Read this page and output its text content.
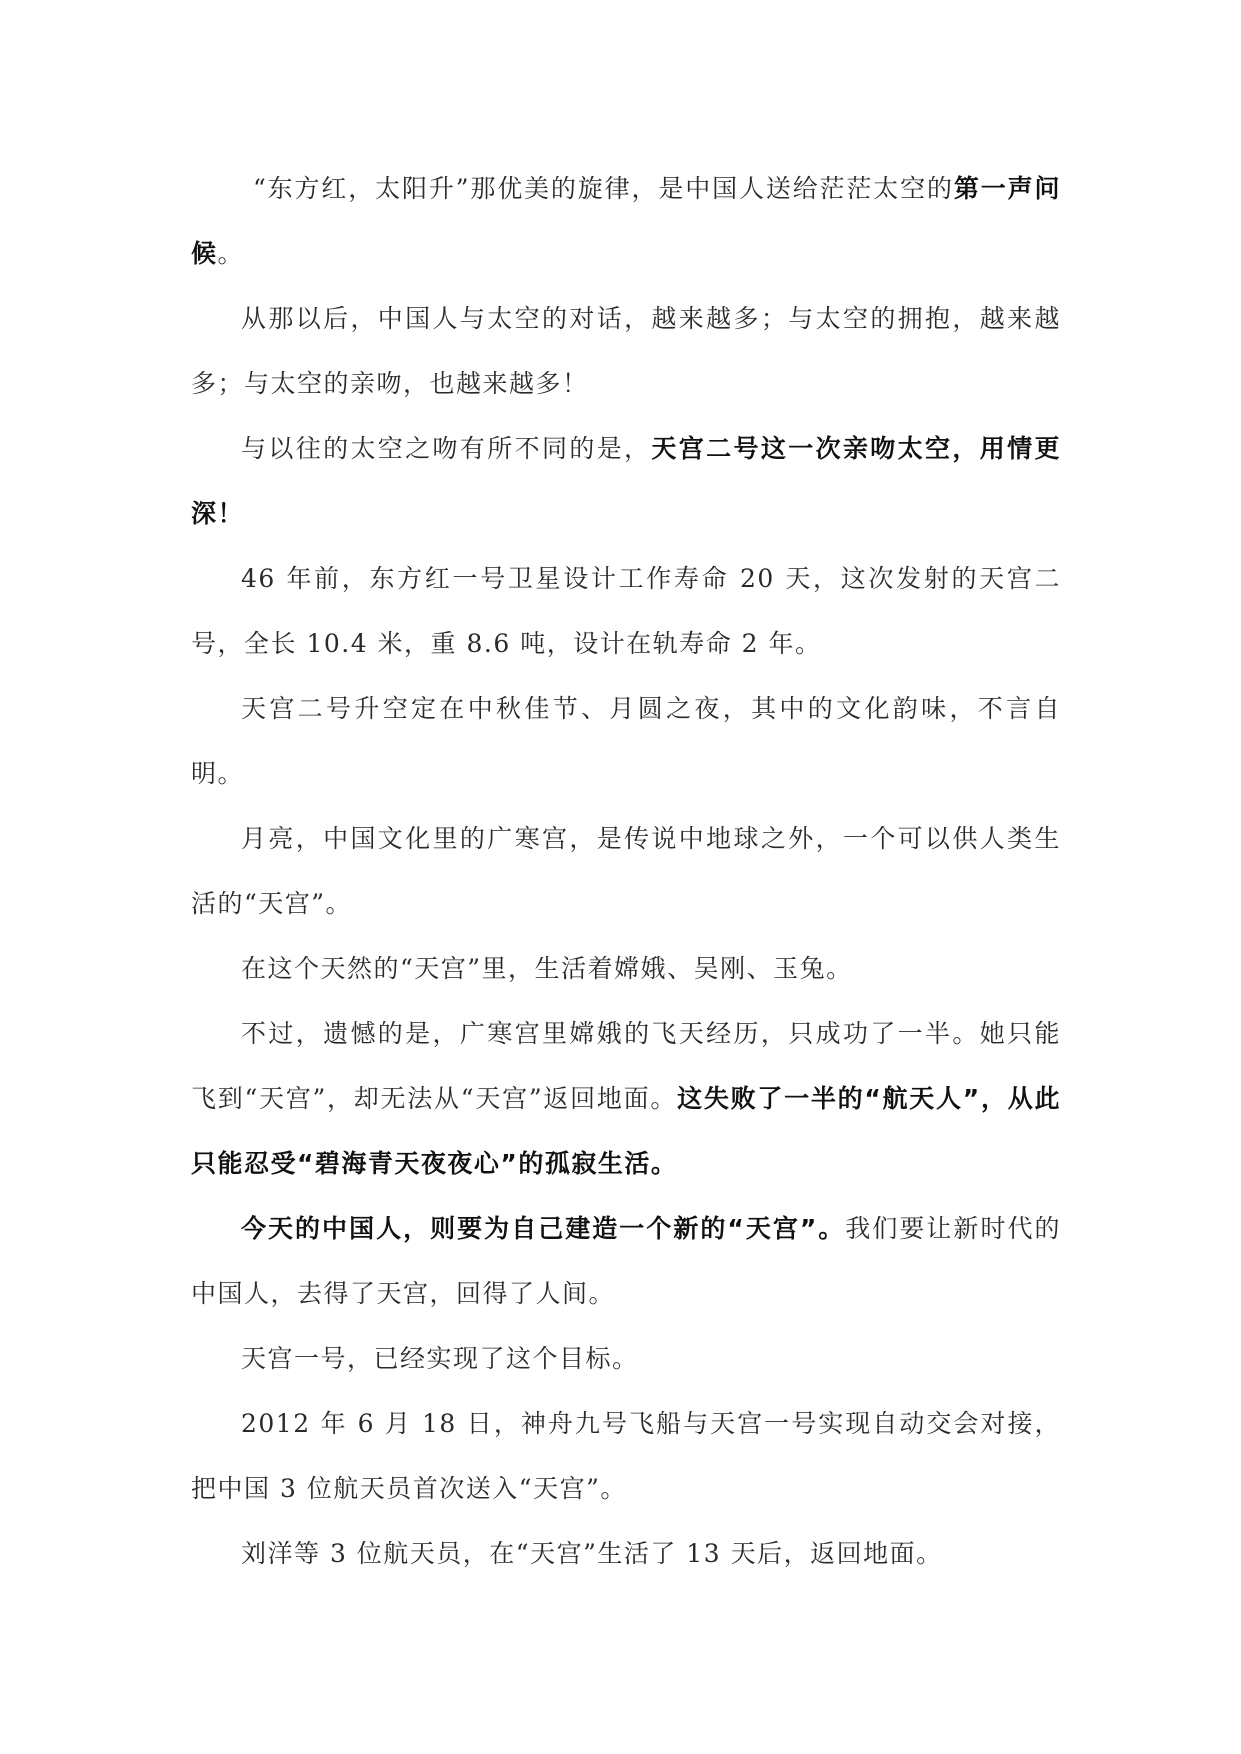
“东方红，太阳升”那优美的旋律，是中国人送给茫茫太空的第一声问候。

从那以后，中国人与太空的对话，越来越多；与太空的拥抱，越来越多；与太空的亲吻，也越来越多！

与以往的太空之吻有所不同的是，天宫二号这一次亲吻太空，用情更深！

46 年前，东方红一号卫星设计工作寿命 20 天，这次发射的天宫二号，全长 10.4 米，重 8.6 吨，设计在轨寿命 2 年。

天宫二号升空定在中秋佳节、月圆之夜，其中的文化韵味，不言自明。

月亮，中国文化里的广寒宫，是传说中地球之外，一个可以供人类生活的“天宫”。

在这个天然的“天宫”里，生活着嫦娥、吴刚、玉兔。

不过，遗憾的是，广寒宫里嫦娥的飞天经历，只成功了一半。她只能飞到“天宫”，却无法从“天宫”返回地面。这失败了一半的“航天人”，从此只能忍受“碧海青天夜夜心”的孤寂生活。

今天的中国人，则要为自己建造一个新的“天宫”。我们要让新时代的中国人，去得了天宫，回得了人间。

天宫一号，已经实现了这个目标。

2012 年 6 月 18 日，神舟九号飞船与天宫一号实现自动交会对接，把中国 3 位航天员首次送入“天宫”。

刘洋等 3 位航天员，在“天宫”生活了 13 天后，返回地面。
